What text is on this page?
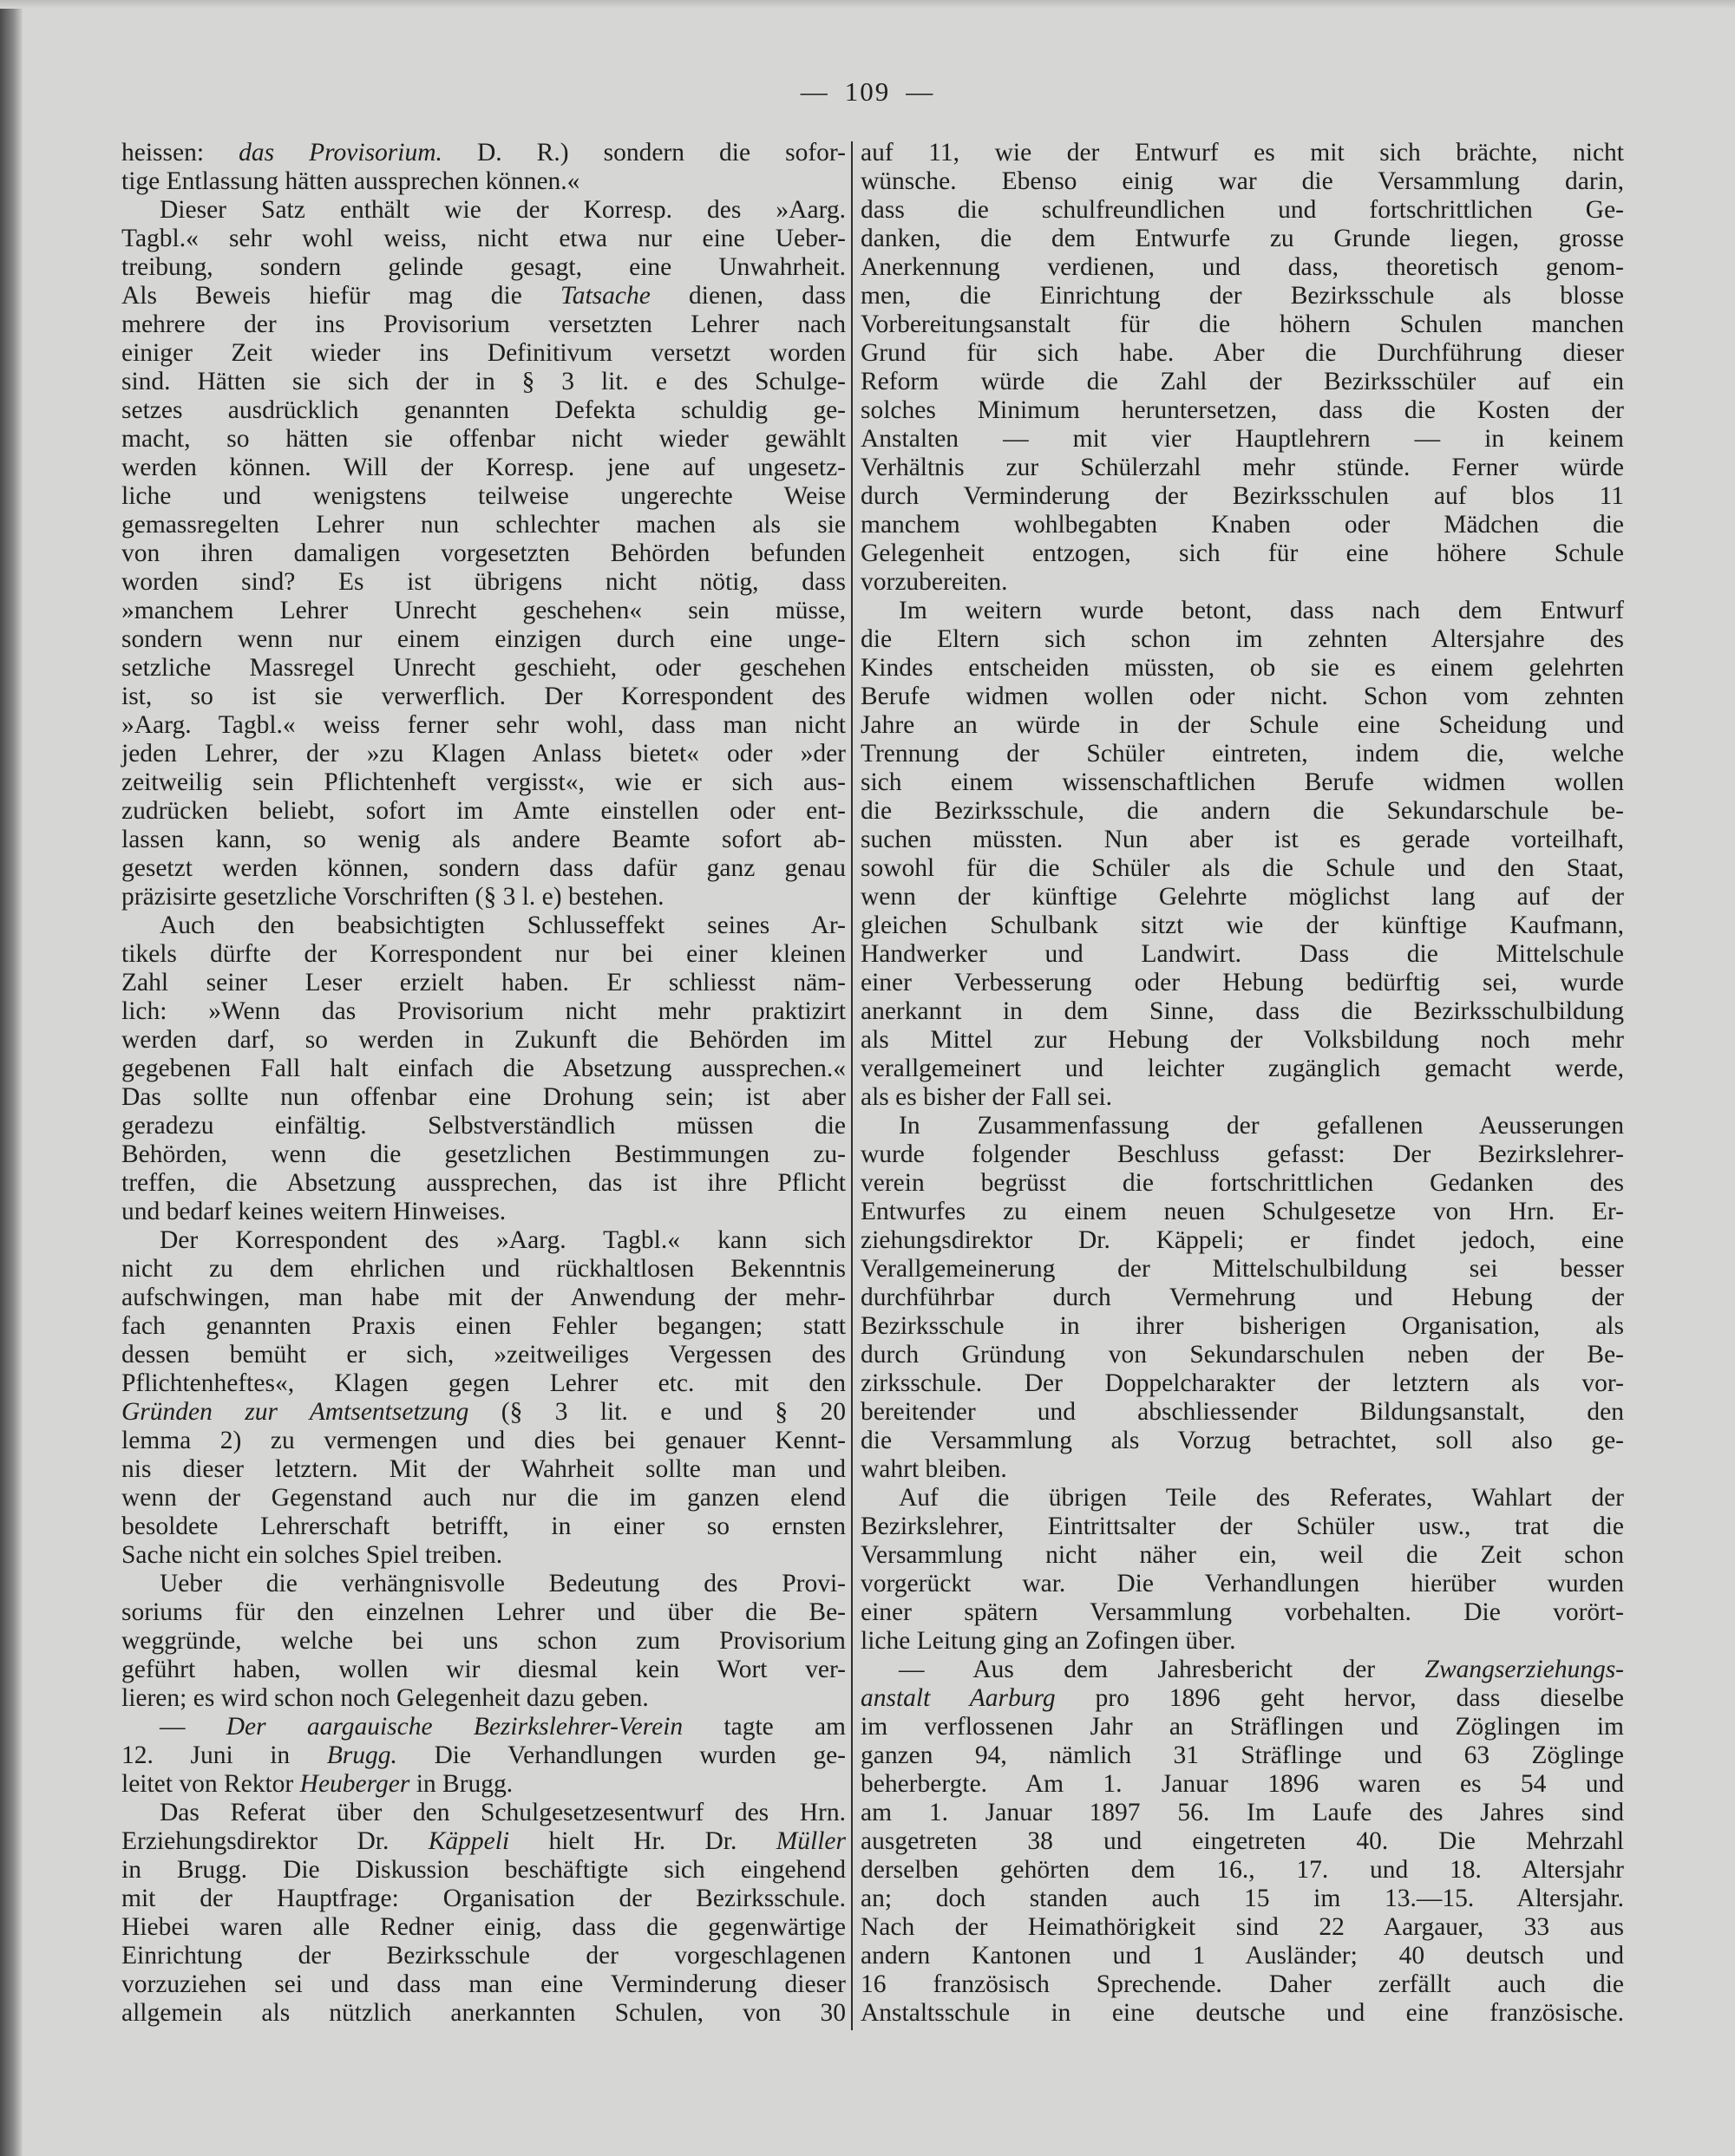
— 109 —
heissen: das Provisorium. D. R.) sondern die sofor-
tige Entlassung hätten aussprechen können.«
Dieser Satz enthält wie der Korresp. des »Aarg.
Tagbl.« sehr wohl weiss, nicht etwa nur eine Ueber-
treibung, sondern gelinde gesagt, eine Unwahrheit.
Als Beweis hiefür mag die Tatsache dienen, dass
mehrere der ins Provisorium versetzten Lehrer nach
einiger Zeit wieder ins Definitivum versetzt worden
sind. Hätten sie sich der in § 3 lit. e des Schulge-
setzes ausdrücklich genannten Defekta schuldig ge-
macht, so hätten sie offenbar nicht wieder gewählt
werden können. Will der Korresp. jene auf ungesetz-
liche und wenigstens teilweise ungerechte Weise
gemassregelten Lehrer nun schlechter machen als sie
von ihren damaligen vorgesetzten Behörden befunden
worden sind? Es ist übrigens nicht nötig, dass
»manchem Lehrer Unrecht geschehen« sein müsse,
sondern wenn nur einem einzigen durch eine unge-
setzliche Massregel Unrecht geschieht, oder geschehen
ist, so ist sie verwerflich. Der Korrespondent des
»Aarg. Tagbl.« weiss ferner sehr wohl, dass man nicht
jeden Lehrer, der »zu Klagen Anlass bietet« oder »der
zeitweilig sein Pflichtenheft vergisst«, wie er sich aus-
zudrücken beliebt, sofort im Amte einstellen oder ent-
lassen kann, so wenig als andere Beamte sofort ab-
gesetzt werden können, sondern dass dafür ganz genau
präzisirte gesetzliche Vorschriften (§ 3 l. e) bestehen.
Auch den beabsichtigten Schlusseffekt seines Ar-
tikels dürfte der Korrespondent nur bei einer kleinen
Zahl seiner Leser erzielt haben. Er schliesst näm-
lich: »Wenn das Provisorium nicht mehr praktizirt
werden darf, so werden in Zukunft die Behörden im
gegebenen Fall halt einfach die Absetzung aussprechen.«
Das sollte nun offenbar eine Drohung sein; ist aber
geradezu einfältig. Selbstverständlich müssen die
Behörden, wenn die gesetzlichen Bestimmungen zu-
treffen, die Absetzung aussprechen, das ist ihre Pflicht
und bedarf keines weitern Hinweises.
Der Korrespondent des »Aarg. Tagbl.« kann sich
nicht zu dem ehrlichen und rückhaltlosen Bekenntnis
aufschwingen, man habe mit der Anwendung der mehr-
fach genannten Praxis einen Fehler begangen; statt
dessen bemüht er sich, »zeitweiliges Vergessen des
Pflichtenheftes«, Klagen gegen Lehrer etc. mit den
Gründen zur Amtsentsetzung (§ 3 lit. e und § 20
lemma 2) zu vermengen und dies bei genauer Kennt-
nis dieser letztern. Mit der Wahrheit sollte man und
wenn der Gegenstand auch nur die im ganzen elend
besoldete Lehrerschaft betrifft, in einer so ernsten
Sache nicht ein solches Spiel treiben.
Ueber die verhängnisvolle Bedeutung des Provi-
soriums für den einzelnen Lehrer und über die Be-
weggründe, welche bei uns schon zum Provisorium
geführt haben, wollen wir diesmal kein Wort ver-
lieren; es wird schon noch Gelegenheit dazu geben.
— Der aargauische Bezirkslehrer-Verein tagte am
12. Juni in Brugg. Die Verhandlungen wurden ge-
leitet von Rektor Heuberger in Brugg.
Das Referat über den Schulgesetzesentwurf des Hrn.
Erziehungsdirektor Dr. Käppeli hielt Hr. Dr. Müller
in Brugg. Die Diskussion beschäftigte sich eingehend
mit der Hauptfrage: Organisation der Bezirksschule.
Hiebei waren alle Redner einig, dass die gegenwärtige
Einrichtung der Bezirksschule der vorgeschlagenen
vorzuziehen sei und dass man eine Verminderung dieser
allgemein als nützlich anerkannten Schulen, von 30
auf 11, wie der Entwurf es mit sich brächte, nicht
wünsche. Ebenso einig war die Versammlung darin,
dass die schulfreundlichen und fortschrittlichen Ge-
danken, die dem Entwurfe zu Grunde liegen, grosse
Anerkennung verdienen, und dass, theoretisch genom-
men, die Einrichtung der Bezirksschule als blosse
Vorbereitungsanstalt für die höhern Schulen manchen
Grund für sich habe. Aber die Durchführung dieser
Reform würde die Zahl der Bezirksschüler auf ein
solches Minimum heruntersetzen, dass die Kosten der
Anstalten — mit vier Hauptlehrern — in keinem
Verhältnis zur Schülerzahl mehr stünde. Ferner würde
durch Verminderung der Bezirksschulen auf blos 11
manchem wohlbegabten Knaben oder Mädchen die
Gelegenheit entzogen, sich für eine höhere Schule
vorzubereiten.
Im weitern wurde betont, dass nach dem Entwurf
die Eltern sich schon im zehnten Altersjahre des
Kindes entscheiden müssten, ob sie es einem gelehrten
Berufe widmen wollen oder nicht. Schon vom zehnten
Jahre an würde in der Schule eine Scheidung und
Trennung der Schüler eintreten, indem die, welche
sich einem wissenschaftlichen Berufe widmen wollen
die Bezirksschule, die andern die Sekundarschule be-
suchen müssten. Nun aber ist es gerade vorteilhaft,
sowohl für die Schüler als die Schule und den Staat,
wenn der künftige Gelehrte möglichst lang auf der
gleichen Schulbank sitzt wie der künftige Kaufmann,
Handwerker und Landwirt. Dass die Mittelschule
einer Verbesserung oder Hebung bedürftig sei, wurde
anerkannt in dem Sinne, dass die Bezirksschulbildung
als Mittel zur Hebung der Volksbildung noch mehr
verallgemeinert und leichter zugänglich gemacht werde,
als es bisher der Fall sei.
In Zusammenfassung der gefallenen Aeusserungen
wurde folgender Beschluss gefasst: Der Bezirkslehrer-
verein begrüsst die fortschrittlichen Gedanken des
Entwurfes zu einem neuen Schulgesetze von Hrn. Er-
ziehungsdirektor Dr. Käppeli; er findet jedoch, eine
Verallgemeinerung der Mittelschulbildung sei besser
durchführbar durch Vermehrung und Hebung der
Bezirksschule in ihrer bisherigen Organisation, als
durch Gründung von Sekundarschulen neben der Be-
zirksschule. Der Doppelcharakter der letztern als vor-
bereitender und abschliessender Bildungsanstalt, den
die Versammlung als Vorzug betrachtet, soll also ge-
wahrt bleiben.
Auf die übrigen Teile des Referates, Wahlart der
Bezirkslehrer, Eintrittsalter der Schüler usw., trat die
Versammlung nicht näher ein, weil die Zeit schon
vorgerückt war. Die Verhandlungen hierüber wurden
einer spätern Versammlung vorbehalten. Die vorört-
liche Leitung ging an Zofingen über.
— Aus dem Jahresbericht der Zwangserziehungs-
anstalt Aarburg pro 1896 geht hervor, dass dieselbe
im verflossenen Jahr an Sträflingen und Zöglingen im
ganzen 94, nämlich 31 Sträflinge und 63 Zöglinge
beherbergte. Am 1. Januar 1896 waren es 54 und
am 1. Januar 1897 56. Im Laufe des Jahres sind
ausgetreten 38 und eingetreten 40. Die Mehrzahl
derselben gehörten dem 16., 17. und 18. Altersjahr
an; doch standen auch 15 im 13.—15. Altersjahr.
Nach der Heimathörigkeit sind 22 Aargauer, 33 aus
andern Kantonen und 1 Ausländer; 40 deutsch und
16 französisch Sprechende. Daher zerfällt auch die
Anstaltsschule in eine deutsche und eine französische.
